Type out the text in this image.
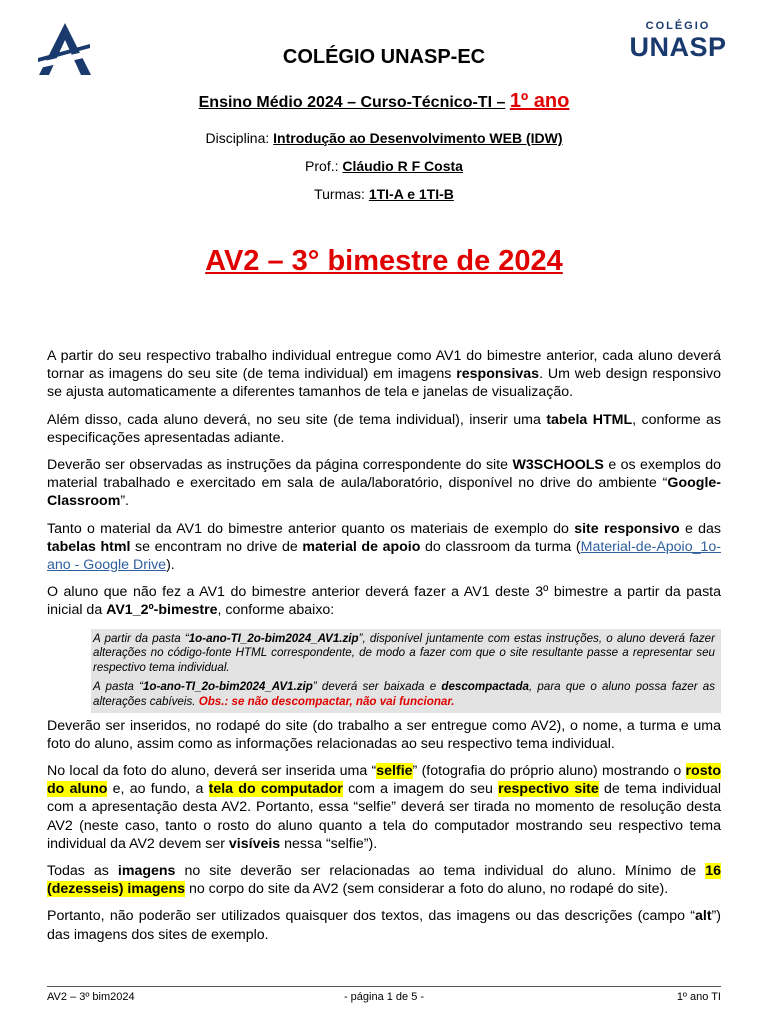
COLÉGIO
UNASP
COLÉGIO UNASP-EC
Ensino Médio 2024 – Curso-Técnico-TI – 1º ano
Disciplina: Introdução ao Desenvolvimento WEB (IDW)
Prof.: Cláudio R F Costa
Turmas: 1TI-A e 1TI-B
AV2 – 3° bimestre de 2024

A partir do seu respectivo trabalho individual entregue como AV1 do bimestre anterior, cada aluno deverá tornar as imagens do seu site (de tema individual) em imagens responsivas. Um web design responsivo se ajusta automaticamente a diferentes tamanhos de tela e janelas de visualização.

Além disso, cada aluno deverá, no seu site (de tema individual), inserir uma tabela HTML, conforme as especificações apresentadas adiante.

Deverão ser observadas as instruções da página correspondente do site W3SCHOOLS e os exemplos do material trabalhado e exercitado em sala de aula/laboratório, disponível no drive do ambiente “Google-Classroom”.

Tanto o material da AV1 do bimestre anterior quanto os materiais de exemplo do site responsivo e das tabelas html se encontram no drive de material de apoio do classroom da turma (Material-de-Apoio_1o-ano - Google Drive).

O aluno que não fez a AV1 do bimestre anterior deverá fazer a AV1 deste 3º bimestre a partir da pasta inicial da AV1_2º-bimestre, conforme abaixo:

A partir da pasta “1o-ano-TI_2o-bim2024_AV1.zip”, disponível juntamente com estas instruções, o aluno deverá fazer alterações no código-fonte HTML correspondente, de modo a fazer com que o site resultante passe a representar seu respectivo tema individual.

A pasta “1o-ano-TI_2o-bim2024_AV1.zip” deverá ser baixada e descompactada, para que o aluno possa fazer as alterações cabíveis. Obs.: se não descompactar, não vai funcionar.

Deverão ser inseridos, no rodapé do site (do trabalho a ser entregue como AV2), o nome, a turma e uma foto do aluno, assim como as informações relacionadas ao seu respectivo tema individual.

No local da foto do aluno, deverá ser inserida uma “selfie” (fotografia do próprio aluno) mostrando o rosto do aluno e, ao fundo, a tela do computador com a imagem do seu respectivo site de tema individual com a apresentação desta AV2. Portanto, essa “selfie” deverá ser tirada no momento de resolução desta AV2 (neste caso, tanto o rosto do aluno quanto a tela do computador mostrando seu respectivo tema individual da AV2 devem ser visíveis nessa “selfie”).

Todas as imagens no site deverão ser relacionadas ao tema individual do aluno. Mínimo de 16 (dezesseis) imagens no corpo do site da AV2 (sem considerar a foto do aluno, no rodapé do site).

Portanto, não poderão ser utilizados quaisquer dos textos, das imagens ou das descrições (campo “alt”) das imagens dos sites de exemplo.

AV2 – 3º bim2024	- página 1 de 5 -	1º ano TI
